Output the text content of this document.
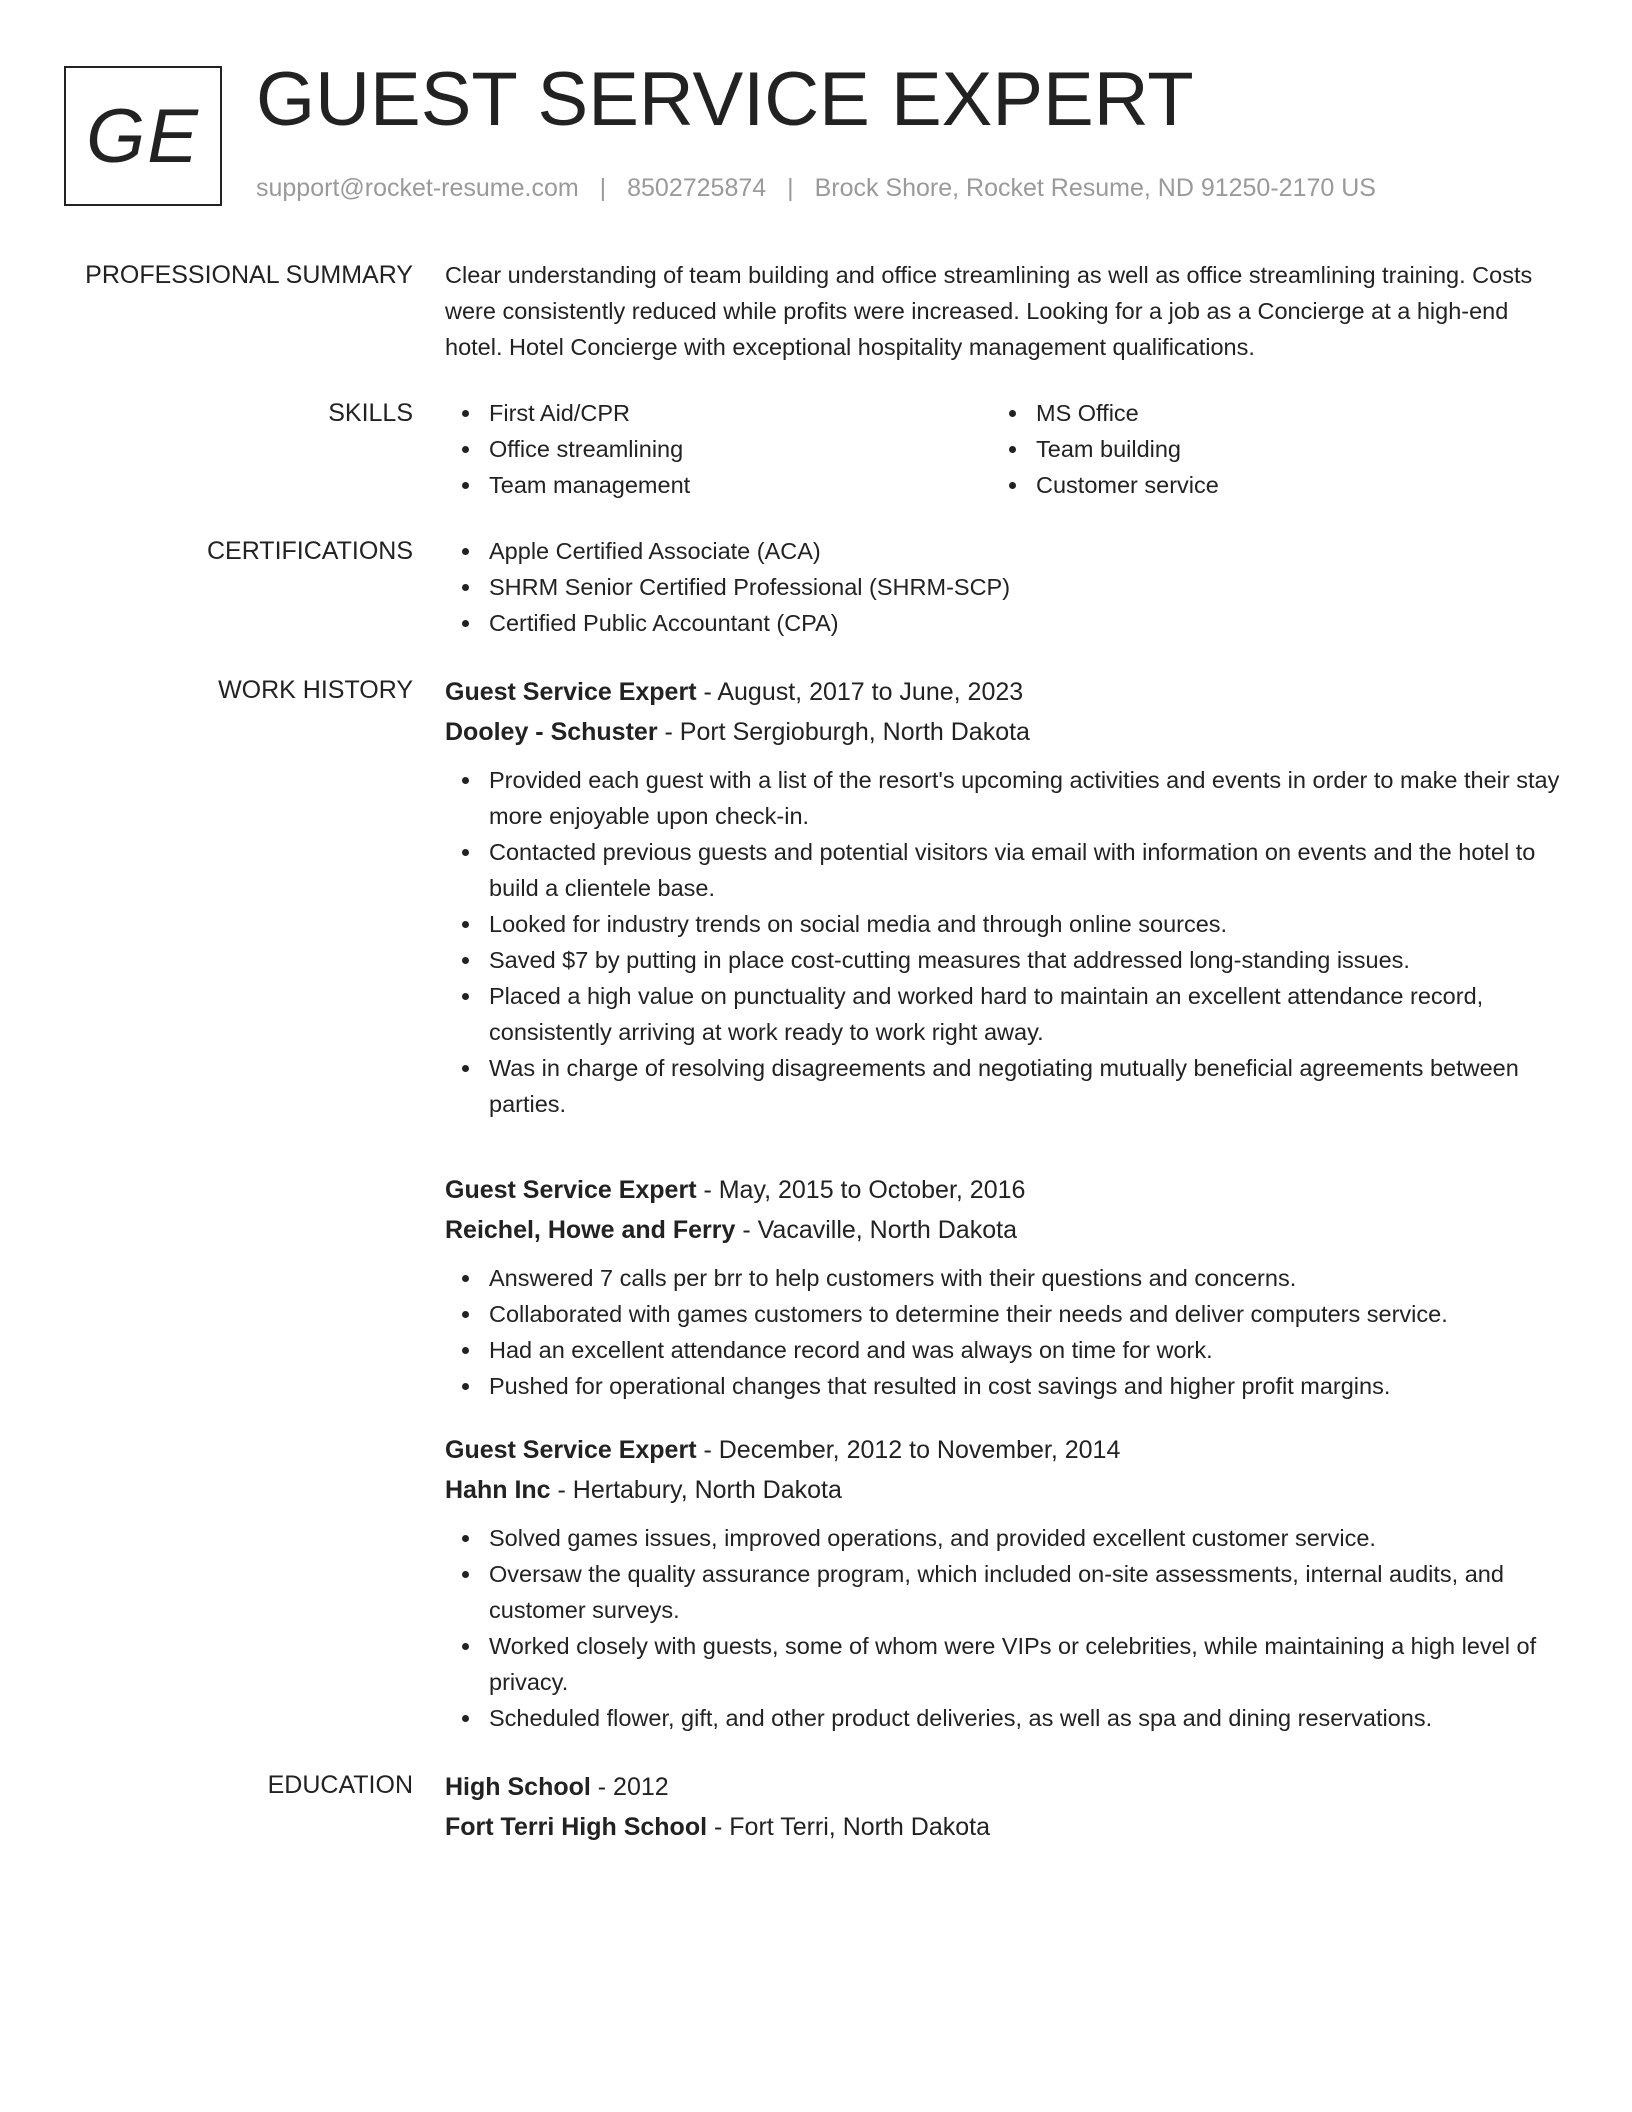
GE GUEST SERVICE EXPERT
support@rocket-resume.com | 8502725874 | Brock Shore, Rocket Resume, ND 91250-2170 US
PROFESSIONAL SUMMARY Clear understanding of team building and office streamlining as well as office streamlining training. Costs were consistently reduced while profits were increased. Looking for a job as a Concierge at a high-end hotel. Hotel Concierge with exceptional hospitality management qualifications.

SKILLS	First Aid/CPR
Office streamlining
Team management
MS Office
Team building
Customer service
CERTIFICATIONS	Apple Certified Associate (ACA)
SHRM Senior Certified Professional (SHRM-SCP)
Certified Public Accountant (CPA)
WORK HISTORY Guest Service Expert - August, 2017 to June, 2023
Dooley - Schuster - Port Sergioburgh, North Dakota
Provided each guest with a list of the resort's upcoming activities and events in order to make their stay more enjoyable upon check-in.
Contacted previous guests and potential visitors via email with information on events and the hotel to build a clientele base.
Looked for industry trends on social media and through online sources.
Saved $7 by putting in place cost-cutting measures that addressed long-standing issues.
Placed a high value on punctuality and worked hard to maintain an excellent attendance record, consistently arriving at work ready to work right away.
Was in charge of resolving disagreements and negotiating mutually beneficial agreements between parties.
Guest Service Expert - May, 2015 to October, 2016
Reichel, Howe and Ferry - Vacaville, North Dakota
Answered 7 calls per brr to help customers with their questions and concerns.
Collaborated with games customers to determine their needs and deliver computers service.
Had an excellent attendance record and was always on time for work.
Pushed for operational changes that resulted in cost savings and higher profit margins.
Guest Service Expert - December, 2012 to November, 2014
Hahn Inc - Hertabury, North Dakota
Solved games issues, improved operations, and provided excellent customer service.
Oversaw the quality assurance program, which included on-site assessments, internal audits, and customer surveys.
Worked closely with guests, some of whom were VIPs or celebrities, while maintaining a high level of privacy.
Scheduled flower, gift, and other product deliveries, as well as spa and dining reservations.
EDUCATION High School - 2012
Fort Terri High School - Fort Terri, North Dakota
